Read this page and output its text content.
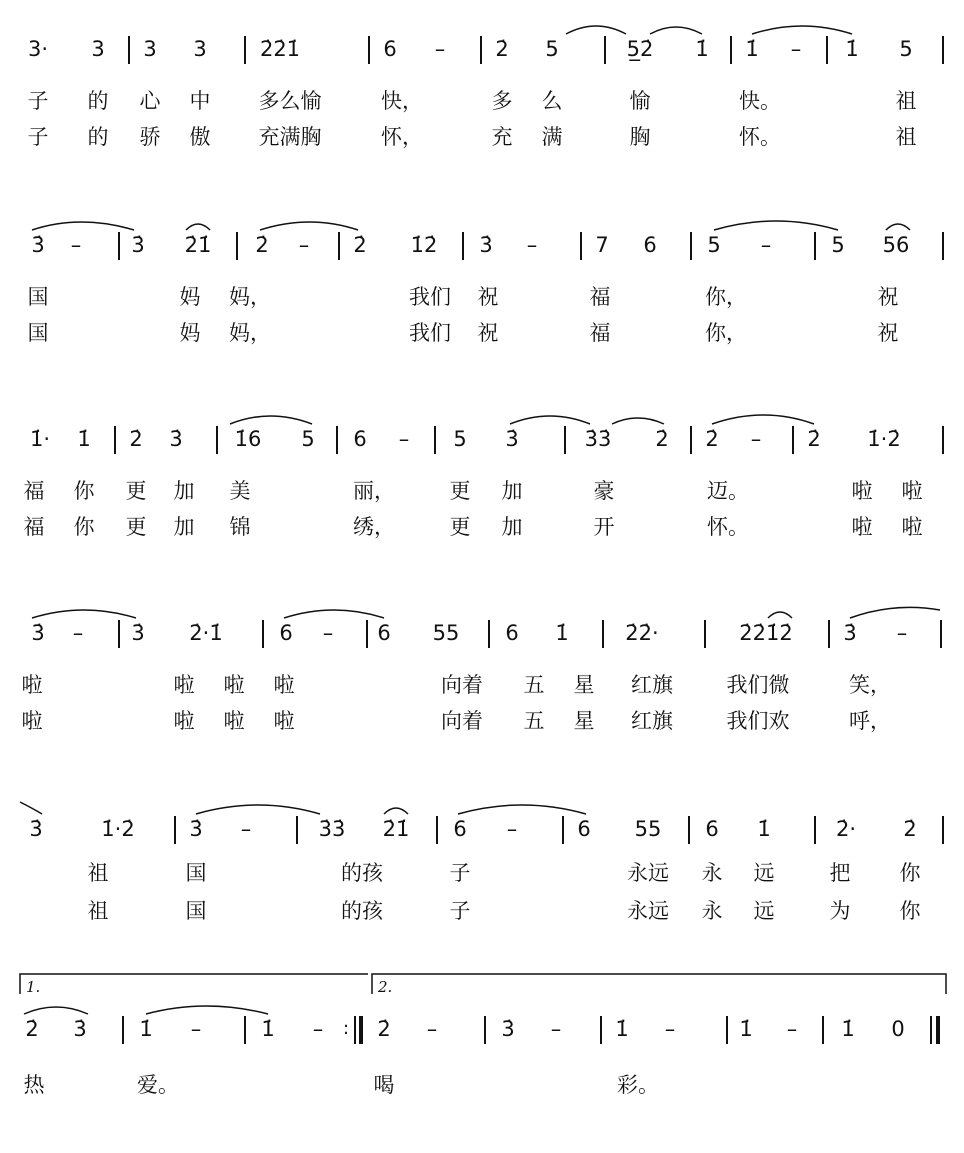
3· 3 3 3	2̇2̇1̇	6 – 2̇ 5	5̲2̇	1̇ 1̇ – 1̇ 5
子 的 心 中	多么愉	快，	多 么	愉	快。	祖
子 的 骄 傲	充满胸	怀，	充 满	胸	怀。	祖
3̇ – 3̇	2̇1̇	2̇ – 2̇	1̇2̇	3̇ –	7 6 5 –	5	56
国	妈 妈，	我们	祝	福	你，	祝
国	妈 妈，	我们	祝	福	你，	祝
1̇· 1̇ 2̇ 3̇	1̇6	5 6 – 5 3̇	3̇3̇	2̇ 2̇ – 2̇	1̇·2̇
福 你 更 加 美	丽，	更 加	豪	迈。	啦 啦
福 你 更 加 锦	绣，	更 加	开	怀。	啦 啦
3̇ – 3̇	2̇·1̇	6 – 6	55	6 1̇	2̇2̇·	2̇2̇1̇2̇	3̇ –
啦	啦 啦 啦	向着	五 星	红旗	我们微	笑，
啦	啦 啦 啦	向着	五 星	红旗	我们欢	呼，
3̇	1̇·2̇	3̇ –	3̇3̇	2̇1̇	6 –	6	55	6 1̇	2̇·	2̇
祖	国	的孩	子	永远	永 远	把 你
祖	国	的孩	子	永远	永 远	为 你
1.	2.
2̇ 3̇	1̇ –	1̇ –	: 2̇ –	3̇ –	1̇ –	1̇ – 1̇ 0
热	爱。	喝	彩。
